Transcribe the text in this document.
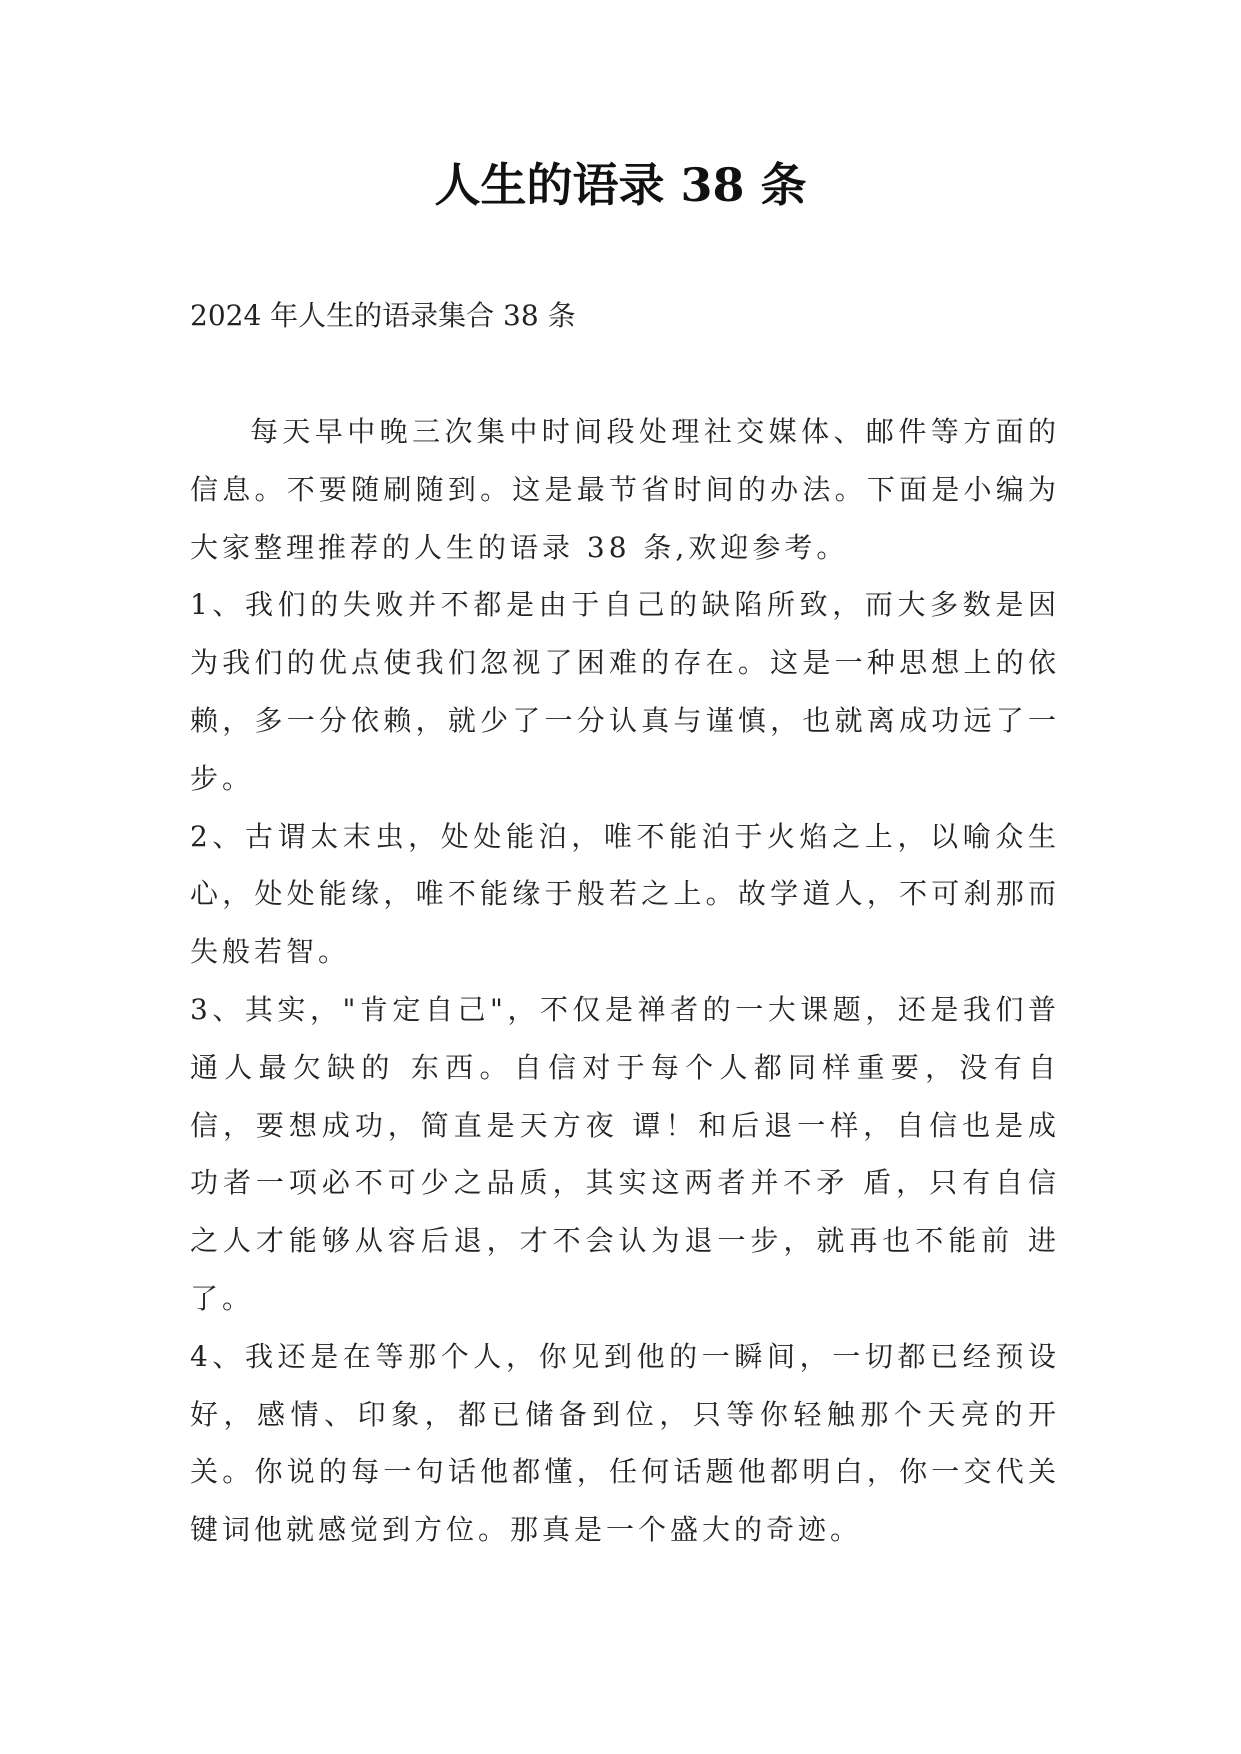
人生的语录 38 条

2024 年人生的语录集合 38 条

每天早中晚三次集中时间段处理社交媒体、邮件等方面的信息。不要随刷随到。这是最节省时间的办法。下面是小编为大家整理推荐的人生的语录 38 条,欢迎参考。

1、我们的失败并不都是由于自己的缺陷所致，而大多数是因为我们的优点使我们忽视了困难的存在。这是一种思想上的依赖，多一分依赖，就少了一分认真与谨慎，也就离成功远了一步。

2、古谓太末虫，处处能泊，唯不能泊于火焰之上，以喻众生心，处处能缘，唯不能缘于般若之上。故学道人，不可刹那而失般若智。

3、其实，"肯定自己"，不仅是禅者的一大课题，还是我们普通人最欠缺的 东西。自信对于每个人都同样重要，没有自信，要想成功，简直是天方夜 谭！和后退一样，自信也是成功者一项必不可少之品质，其实这两者并不矛 盾，只有自信之人才能够从容后退，才不会认为退一步，就再也不能前 进了。

4、我还是在等那个人，你见到他的一瞬间，一切都已经预设好，感情、印象，都已储备到位，只等你轻触那个天亮的开关。你说的每一句话他都懂，任何话题他都明白，你一交代关键词他就感觉到方位。那真是一个盛大的奇迹。
